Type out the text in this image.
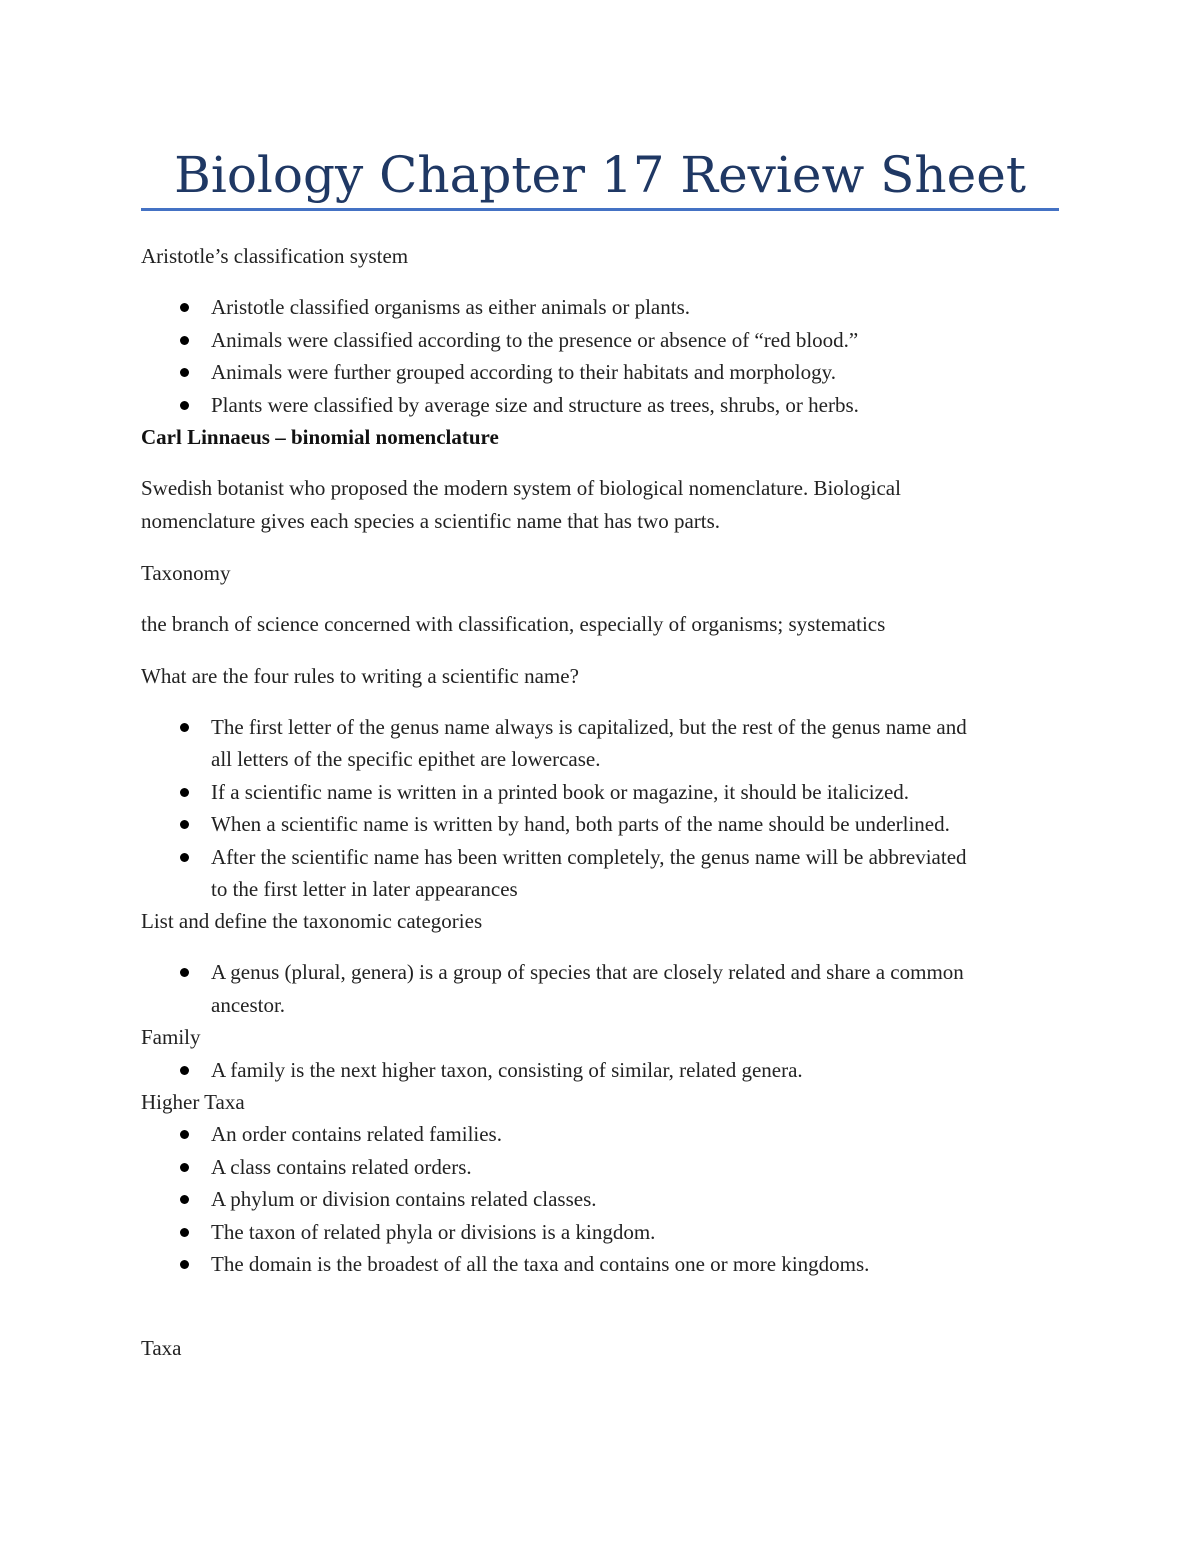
Biology Chapter 17 Review Sheet
Aristotle’s classification system
Aristotle classified organisms as either animals or plants.
Animals were classified according to the presence or absence of “red blood.”
Animals were further grouped according to their habitats and morphology.
Plants were classified by average size and structure as trees, shrubs, or herbs.
Carl Linnaeus – binomial nomenclature
Swedish botanist who proposed the modern system of biological nomenclature. Biological
nomenclature gives each species a scientific name that has two parts.
Taxonomy
the branch of science concerned with classification, especially of organisms; systematics
What are the four rules to writing a scientific name?
The first letter of the genus name always is capitalized, but the rest of the genus name and
all letters of the specific epithet are lowercase.
If a scientific name is written in a printed book or magazine, it should be italicized.
When a scientific name is written by hand, both parts of the name should be underlined.
After the scientific name has been written completely, the genus name will be abbreviated
to the first letter in later appearances
List and define the taxonomic categories
A genus (plural, genera) is a group of species that are closely related and share a common
ancestor.
Family
A family is the next higher taxon, consisting of similar, related genera.
Higher Taxa
An order contains related families.
A class contains related orders.
A phylum or division contains related classes.
The taxon of related phyla or divisions is a kingdom.
The domain is the broadest of all the taxa and contains one or more kingdoms.
Taxa
